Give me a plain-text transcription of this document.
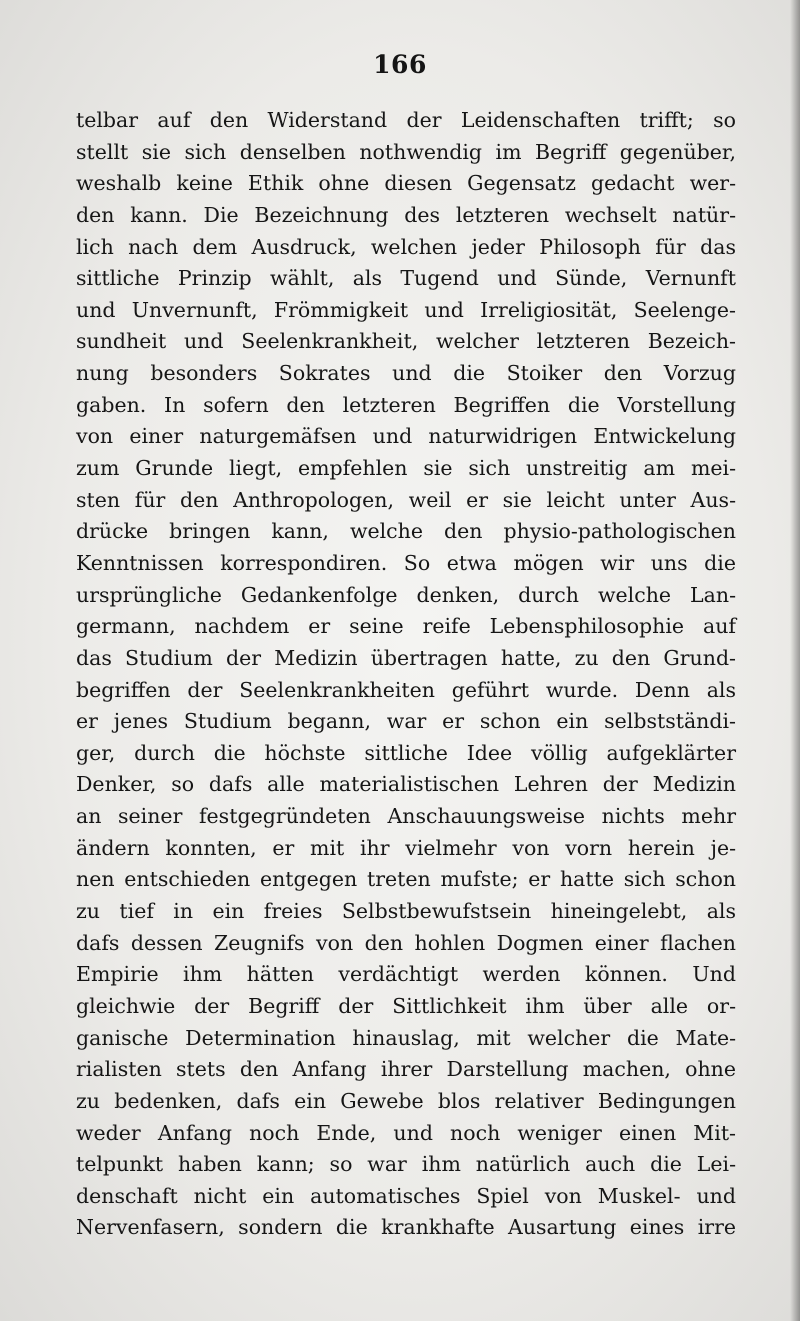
166
telbar auf den Widerstand der Leidenschaften trifft; so
stellt sie sich denselben nothwendig im Begriff gegenüber,
weshalb keine Ethik ohne diesen Gegensatz gedacht wer-
den kann. Die Bezeichnung des letzteren wechselt natür-
lich nach dem Ausdruck, welchen jeder Philosoph für das
sittliche Prinzip wählt, als Tugend und Sünde, Vernunft
und Unvernunft, Frömmigkeit und Irreligiosität, Seelenge-
sundheit und Seelenkrankheit, welcher letzteren Bezeich-
nung besonders Sokrates und die Stoiker den Vorzug
gaben. In sofern den letzteren Begriffen die Vorstellung
von einer naturgemäfsen und naturwidrigen Entwickelung
zum Grunde liegt, empfehlen sie sich unstreitig am mei-
sten für den Anthropologen, weil er sie leicht unter Aus-
drücke bringen kann, welche den physio-pathologischen
Kenntnissen korrespondiren. So etwa mögen wir uns die
ursprüngliche Gedankenfolge denken, durch welche Lan-
germann, nachdem er seine reife Lebensphilosophie auf
das Studium der Medizin übertragen hatte, zu den Grund-
begriffen der Seelenkrankheiten geführt wurde. Denn als
er jenes Studium begann, war er schon ein selbstständi-
ger, durch die höchste sittliche Idee völlig aufgeklärter
Denker, so dafs alle materialistischen Lehren der Medizin
an seiner festgegründeten Anschauungsweise nichts mehr
ändern konnten, er mit ihr vielmehr von vorn herein je-
nen entschieden entgegen treten mufste; er hatte sich schon
zu tief in ein freies Selbstbewufstsein hineingelebt, als
dafs dessen Zeugnifs von den hohlen Dogmen einer flachen
Empirie ihm hätten verdächtigt werden können. Und
gleichwie der Begriff der Sittlichkeit ihm über alle or-
ganische Determination hinauslag, mit welcher die Mate-
rialisten stets den Anfang ihrer Darstellung machen, ohne
zu bedenken, dafs ein Gewebe blos relativer Bedingungen
weder Anfang noch Ende, und noch weniger einen Mit-
telpunkt haben kann; so war ihm natürlich auch die Lei-
denschaft nicht ein automatisches Spiel von Muskel- und
Nervenfasern, sondern die krankhafte Ausartung eines irre
